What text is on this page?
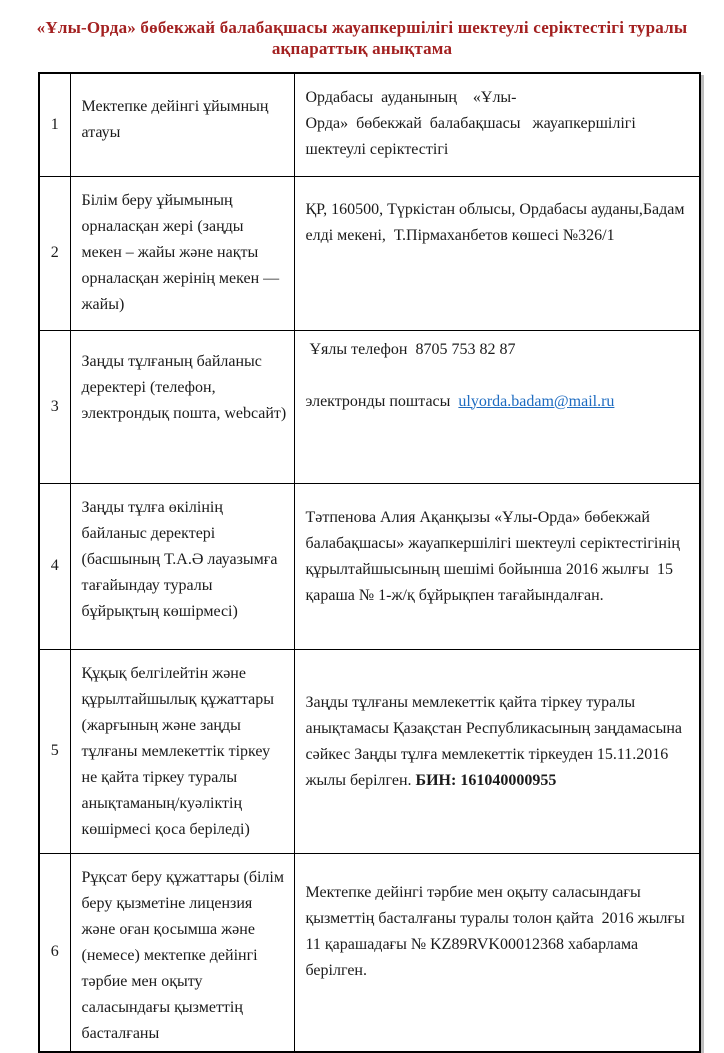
«Ұлы-Орда» бөбекжай балабақшасы жауапкершілігі шектеулі серіктестігі туралы
ақпараттық анықтама
1	Мектепке дейінгі ұйымның атауы	Ордабасы  ауданының    «Ұлы-

Орда»  бөбекжай  балабақшасы   жауапкершілігі шектеулі серіктестігі

2	Білім беру ұйымының орналасқан жері (заңды мекен – жайы және нақты орналасқан жерінің мекен — жайы)	ҚР, 160500, Түркістан облысы, Ордабасы ауданы,Бадам елді мекені,  Т.Пірмаханбетов көшесі №326/1

3	Заңды тұлғаның байланыс деректері (телефон, электрондық пошта, webсайт)	Ұялы телефон  8705 753 82 87

электронды поштасы  ulyorda.badam@mail.ru

4	Заңды тұлға өкілінің байланыс деректері (басшының Т.А.Ә лауазымға тағайындау туралы бұйрықтың көшірмесі)	Тәтпенова Алия Ақанқызы «Ұлы-Орда» бөбекжай  балабақшасы» жауапкершілігі шектеулі серіктестігінің құрылтайшысының шешімі бойынша 2016 жылғы  15 қараша № 1-ж/қ бұйрықпен тағайындалған.

5	Құқық белгілейтін және құрылтайшылық құжаттары (жарғының және заңды тұлғаны мемлекеттік тіркеу не қайта тіркеу туралы анықтаманың/куәліктің көшірмесі қоса беріледі)	Заңды тұлғаны мемлекеттік қайта тіркеу туралы анықтамасы Қазақстан Республикасының заңдамасына сәйкес Заңды тұлға мемлекеттік тіркеуден 15.11.2016  жылы берілген. БИН: 161040000955

6	Рұқсат беру құжаттары (білім беру қызметіне лицензия және оған қосымша және (немесе) мектепке дейінгі тәрбие мен оқыту саласындағы қызметтің басталғаны	Мектепке дейінгі тәрбие мен оқыту саласындағы қызметтің басталғаны туралы толон қайта  2016 жылғы 11 қарашадағы № KZ89RVK00012368 хабарлама берілген.
